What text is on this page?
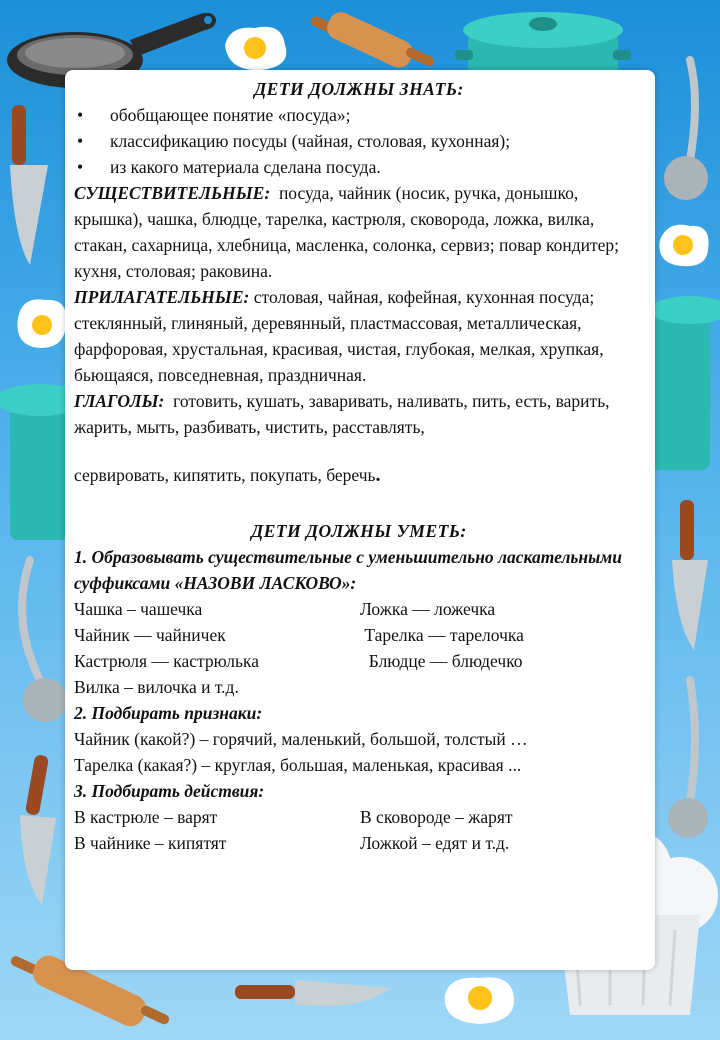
ДЕТИ ДОЛЖНЫ ЗНАТЬ:

• обобщающее понятие «посуда»;
• классификацию посуды (чайная, столовая, кухонная);
• из какого материала сделана посуда.

СУЩЕСТВИТЕЛЬНЫЕ: посуда, чайник (носик, ручка, донышко, крышка), чашка, блюдце, тарелка, кастрюля, сковорода, ложка, вилка, стакан, сахарница, хлебница, масленка, солонка, сервиз; повар кондитер; кухня, столовая; раковина.

ПРИЛАГАТЕЛЬНЫЕ: столовая, чайная, кофейная, кухонная посуда; стеклянный, глиняный, деревянный, пластмассовая, металлическая, фарфоровая, хрустальная, красивая, чистая, глубокая, мелкая, хрупкая, бьющаяся, повседневная, праздничная.

ГЛАГОЛЫ: готовить, кушать, заваривать, наливать, пить, есть, варить, жарить, мыть, разбивать, чистить, расставлять,

сервировать, кипятить, покупать, беречь.

ДЕТИ ДОЛЖНЫ УМЕТЬ:

1. Образовывать существительные с уменьшительно ласкательными суффиксами «НАЗОВИ ЛАСКОВО»:

Чашка – чашечка	Ложка — ложечка
Чайник — чайничек	Тарелка — тарелочка
Кастрюля — кастрюлька	Блюдце — блюдечко

Вилка – вилочка и т.д.

2. Подбирать признаки:

Чайник (какой?) – горячий, маленький, большой, толстый …

Тарелка (какая?) – круглая, большая, маленькая, красивая ...

3. Подбирать действия:

В кастрюле – варят	В сковороде – жарят
В чайнике – кипятят	Ложкой – едят и т.д.
